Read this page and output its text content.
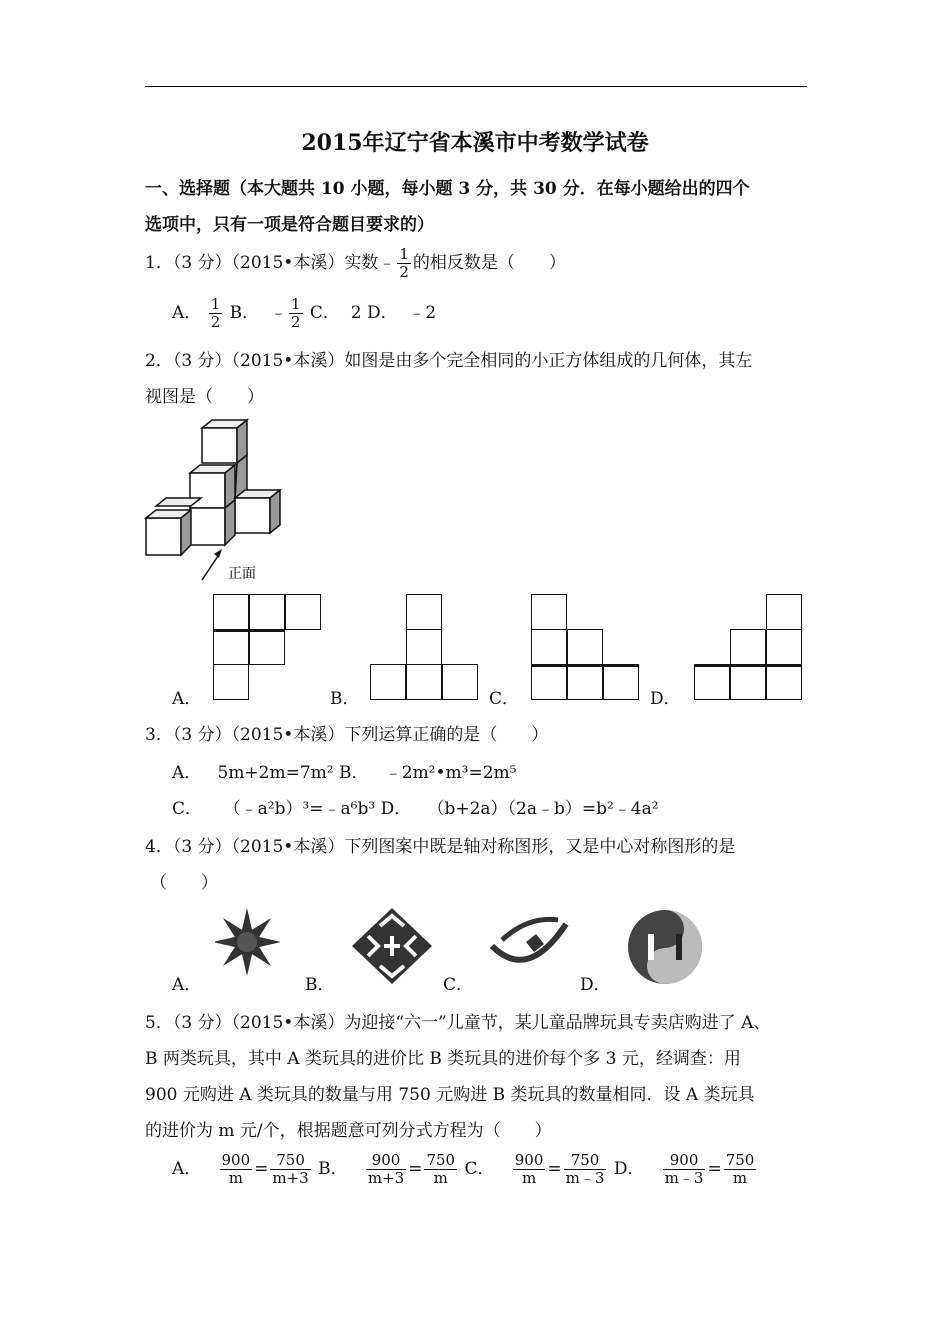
2015年辽宁省本溪市中考数学试卷
一、选择题（本大题共 10 小题，每小题 3 分，共 30 分．在每小题给出的四个
选项中，只有一项是符合题目要求的）
1．（3 分）（2015•本溪）实数﹣ $\frac{1}{2}$ 的相反数是（　　）
A． $\frac{1}{2}$ B． ﹣ $\frac{1}{2}$ C． 2 D． ﹣2
2．（3 分）（2015•本溪）如图是由多个完全相同的小正方体组成的几何体，其左
视图是（　　）
正面
A．	B．	C．	D．
3．（3 分）（2015•本溪）下列运算正确的是（　　）
A． 5m+2m=7m² B． ﹣2m²•m³=2m⁵
C． （﹣a²b）³=﹣a⁶b³ D． （b+2a）（2a﹣b）=b²﹣4a²
4．（3 分）（2015•本溪）下列图案中既是轴对称图形，又是中心对称图形的是
（　　）
A．	B．	C．	D．
5．（3 分）（2015•本溪）为迎接“六一”儿童节，某儿童品牌玩具专卖店购进了 A、
B 两类玩具，其中 A 类玩具的进价比 B 类玩具的进价每个多 3 元，经调查：用
900 元购进 A 类玩具的数量与用 750 元购进 B 类玩具的数量相同．设 A 类玩具
的进价为 m 元/个，根据题意可列分式方程为（　　）
A． $\frac{900}{m} = \frac{750}{m+3}$ B． $\frac{900}{m+3} = \frac{750}{m}$ C． $\frac{900}{m} = \frac{750}{m﹣3}$ D． $\frac{900}{m﹣3} = \frac{750}{m}$
